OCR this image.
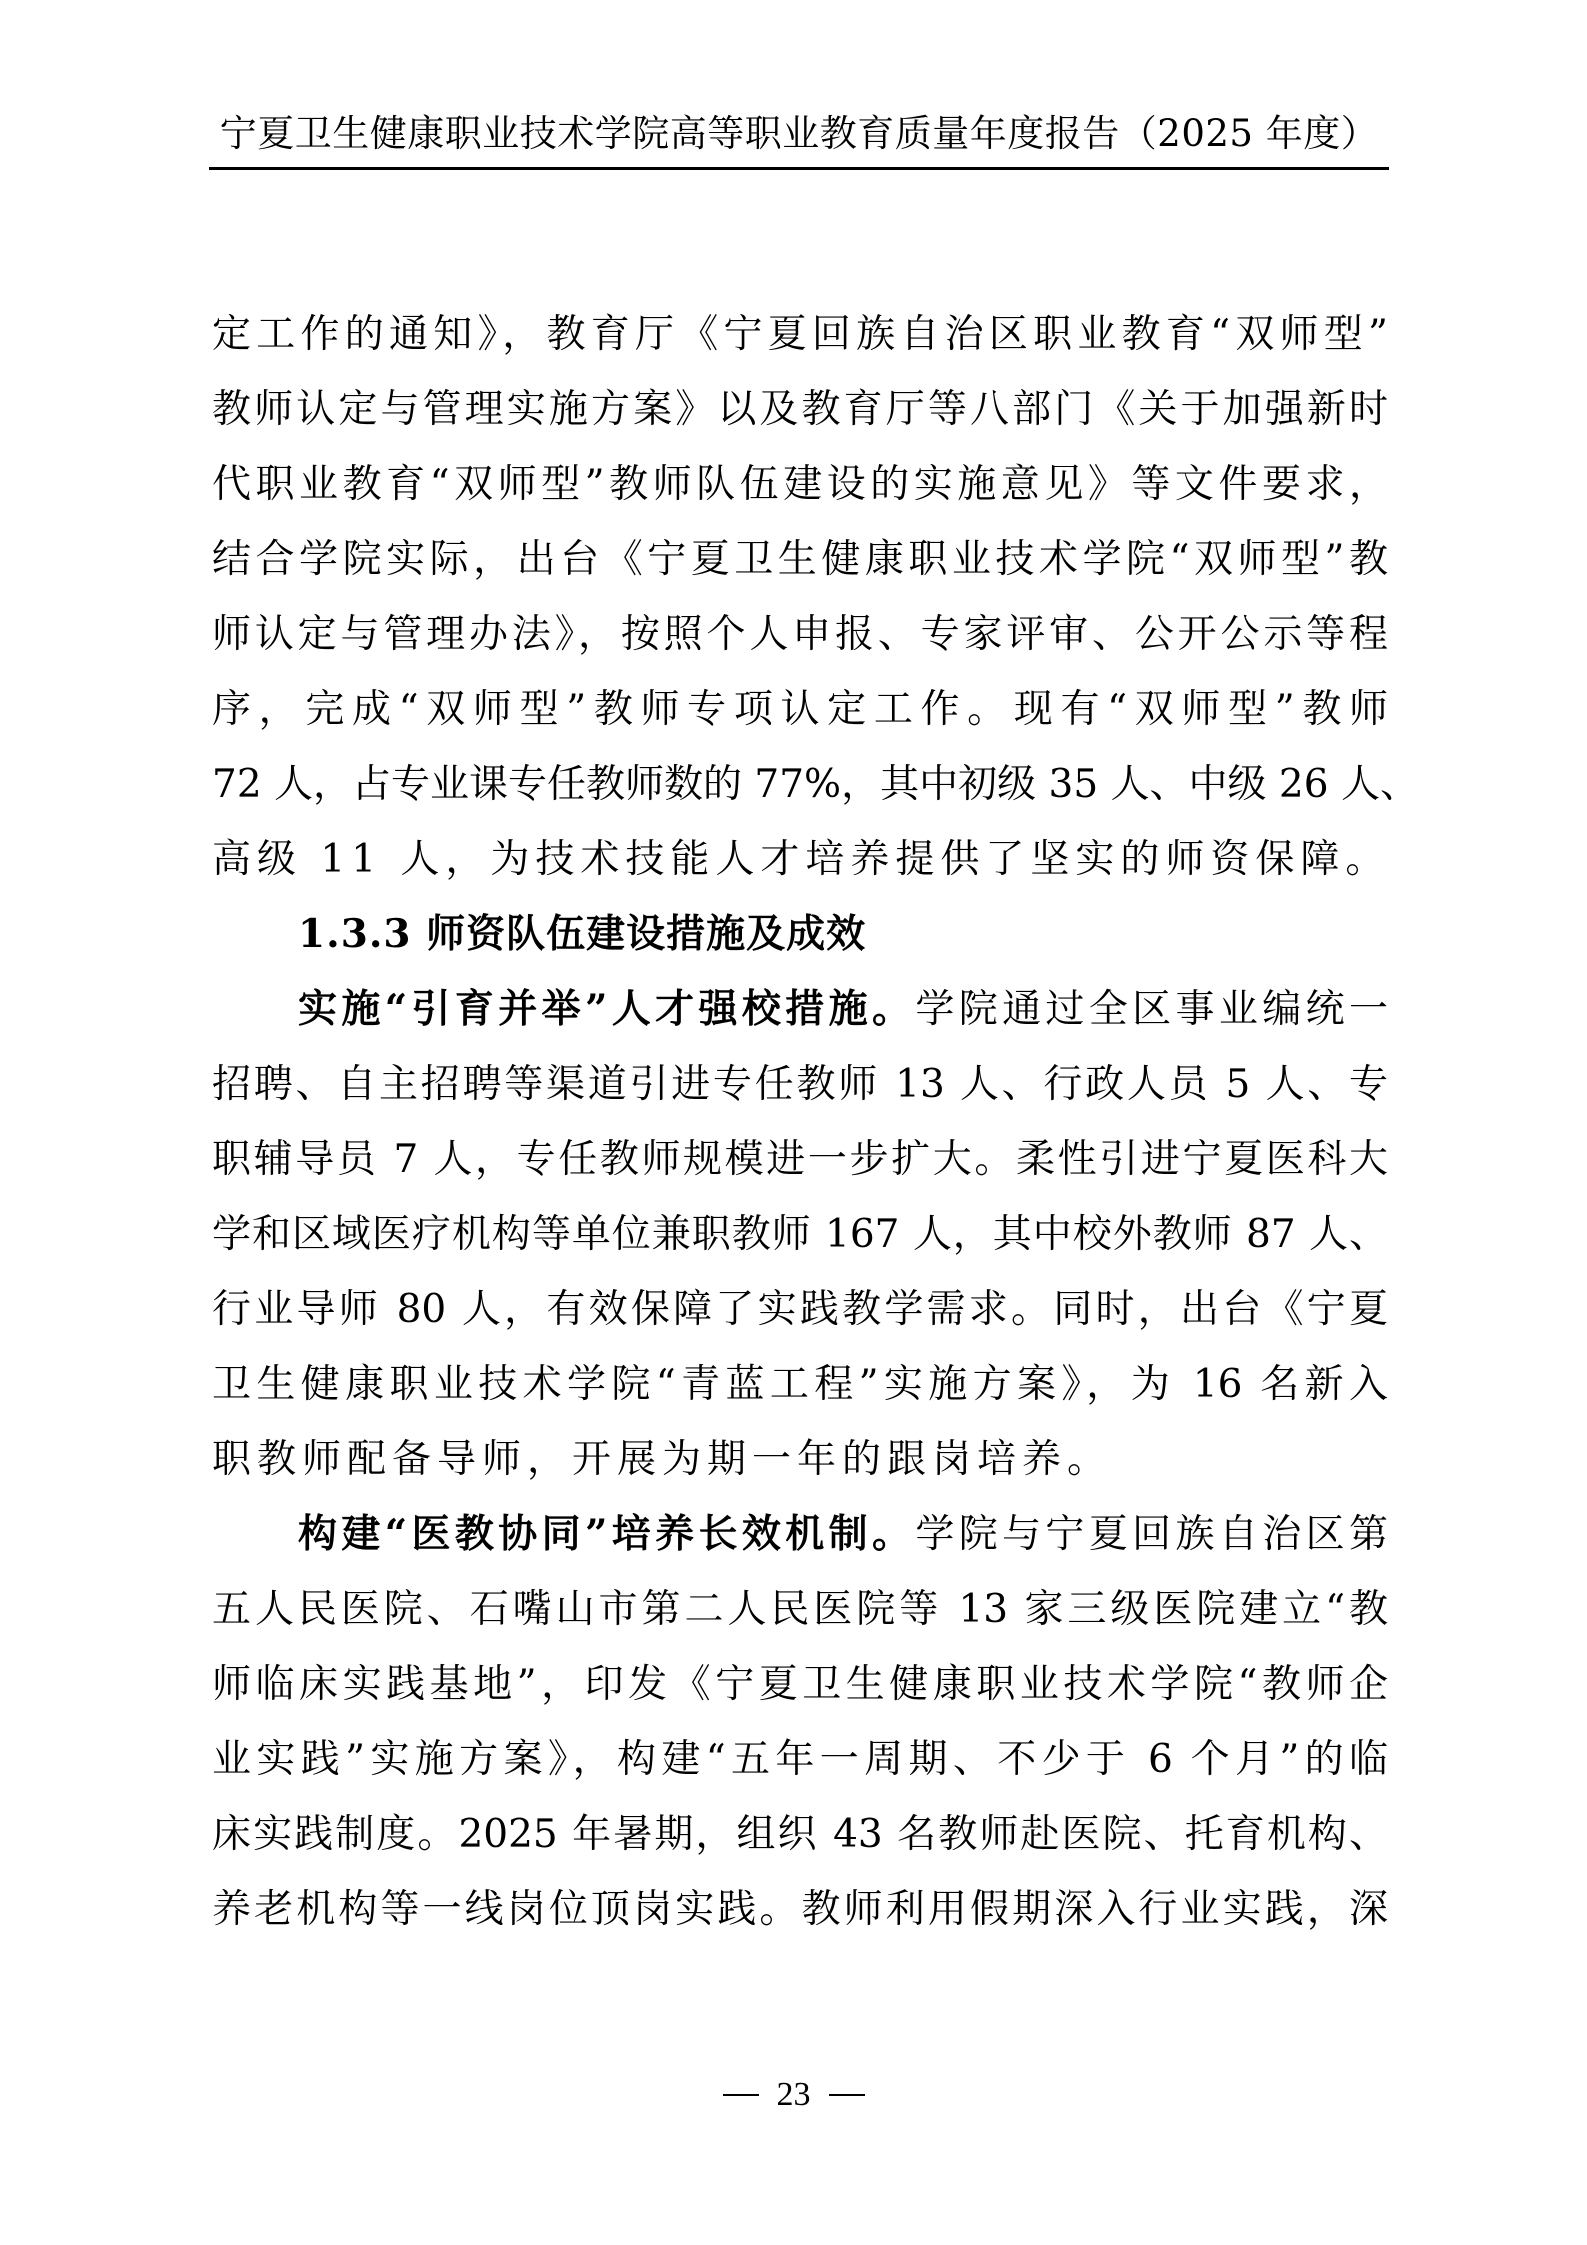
宁夏卫生健康职业技术学院高等职业教育质量年度报告（2025 年度）
定工作的通知》，教育厅《宁夏回族自治区职业教育“双师型”
教师认定与管理实施方案》以及教育厅等八部门《关于加强新时
代职业教育“双师型”教师队伍建设的实施意见》等文件要求，
结合学院实际，出台《宁夏卫生健康职业技术学院“双师型”教
师认定与管理办法》，按照个人申报、专家评审、公开公示等程
序，完成“双师型”教师专项认定工作。现有“双师型”教师
72 人，占专业课专任教师数的 77%，其中初级 35 人、中级 26 人、
高级 11 人，为技术技能人才培养提供了坚实的师资保障。
1.3.3 师资队伍建设措施及成效
实施“引育并举”人才强校措施。学院通过全区事业编统一
招聘、自主招聘等渠道引进专任教师 13 人、行政人员 5 人、专
职辅导员 7 人，专任教师规模进一步扩大。柔性引进宁夏医科大
学和区域医疗机构等单位兼职教师 167 人，其中校外教师 87 人、
行业导师 80 人，有效保障了实践教学需求。同时，出台《宁夏
卫生健康职业技术学院“青蓝工程”实施方案》，为 16 名新入
职教师配备导师，开展为期一年的跟岗培养。
构建“医教协同”培养长效机制。学院与宁夏回族自治区第
五人民医院、石嘴山市第二人民医院等 13 家三级医院建立“教
师临床实践基地”，印发《宁夏卫生健康职业技术学院“教师企
业实践”实施方案》，构建“五年一周期、不少于 6 个月”的临
床实践制度。2025 年暑期，组织 43 名教师赴医院、托育机构、
养老机构等一线岗位顶岗实践。教师利用假期深入行业实践，深
23
